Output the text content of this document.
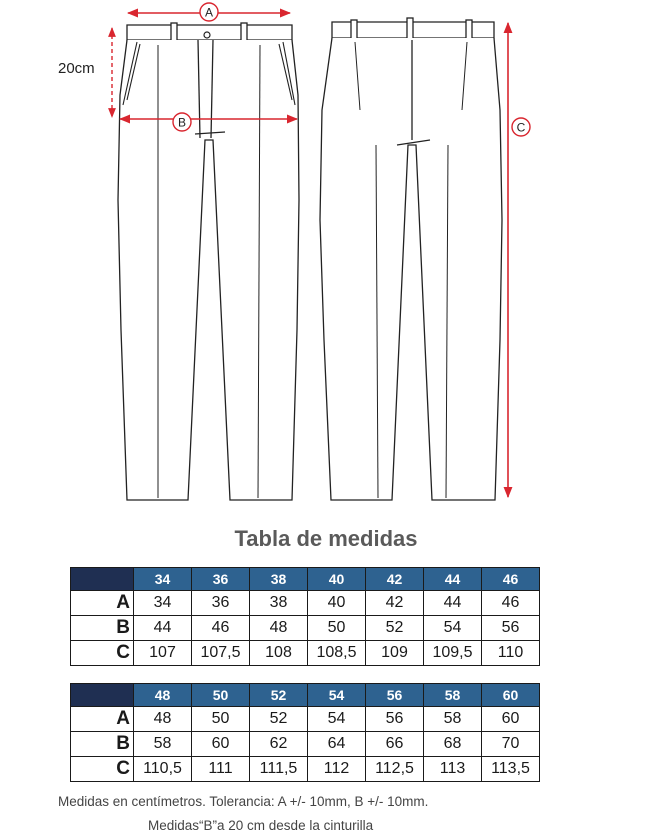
A
B
20cm
C
Tabla de medidas
	34	36	38	40	42	44	46
A	34	36	38	40	42	44	46
B	44	46	48	50	52	54	56
C	107	107,5	108	108,5	109	109,5	110
	48	50	52	54	56	58	60
A	48	50	52	54	56	58	60
B	58	60	62	64	66	68	70
C	110,5	111	111,5	112	112,5	113	113,5
Medidas en centímetros. Tolerancia: A +/- 10mm, B +/- 10mm.
Medidas“B”a 20 cm desde la cinturilla
